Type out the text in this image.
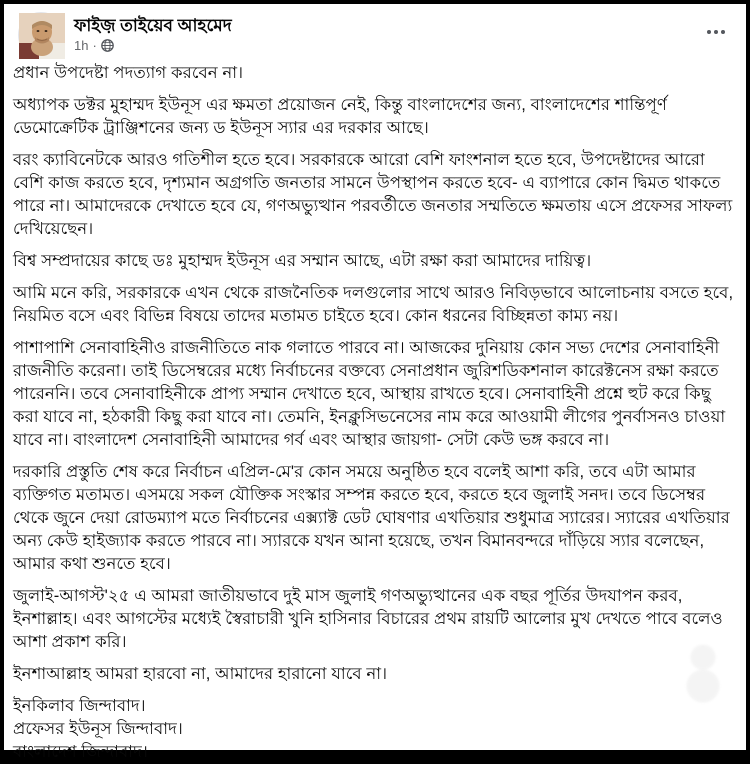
ফাইজ় তাইয়েব আহমেদ
1h ·

প্রধান উপদেষ্টা পদত্যাগ করবেন না।

অধ্যাপক ডক্টর মুহাম্মদ ইউনূস এর ক্ষমতা প্রয়োজন নেই, কিন্তু বাংলাদেশের জন্য, বাংলাদেশের শান্তিপূর্ণ ডেমোক্রেটিক ট্রাঞ্জিশনের জন্য ড ইউনূস স্যার এর দরকার আছে।

বরং ক্যাবিনেটকে আরও গতিশীল হতে হবে। সরকারকে আরো বেশি ফাংশনাল হতে হবে, উপদেষ্টাদের আরো বেশি কাজ করতে হবে, দৃশ্যমান অগ্রগতি জনতার সামনে উপস্থাপন করতে হবে- এ ব্যাপারে কোন দ্বিমত থাকতে পারে না। আমাদেরকে দেখাতে হবে যে, গণঅভ্যুত্থান পরবর্তীতে জনতার সম্মতিতে ক্ষমতায় এসে প্রফেসর সাফল্য দেখিয়েছেন।

বিশ্ব সম্প্রদায়ের কাছে ডঃ মুহাম্মদ ইউনূস এর সম্মান আছে, এটা রক্ষা করা আমাদের দায়িত্ব।

আমি মনে করি, সরকারকে এখন থেকে রাজনৈতিক দলগুলোর সাথে আরও নিবিড়ভাবে আলোচনায় বসতে হবে, নিয়মিত বসে এবং বিভিন্ন বিষয়ে তাদের মতামত চাইতে হবে। কোন ধরনের বিচ্ছিন্নতা কাম্য নয়।

পাশাপাশি সেনাবাহিনীও রাজনীতিতে নাক গলাতে পারবে না। আজকের দুনিয়ায় কোন সভ্য দেশের সেনাবাহিনী রাজনীতি করেনা। তাই ডিসেম্বরের মধ্যে নির্বাচনের বক্তব্যে সেনাপ্রধান জুরিশডিকশনাল কারেক্টনেস রক্ষা করতে পারেননি। তবে সেনাবাহিনীকে প্রাপ্য সম্মান দেখাতে হবে, আস্থায় রাখতে হবে। সেনাবাহিনী প্রশ্নে হুট করে কিছু করা যাবে না, হঠকারী কিছু করা যাবে না। তেমনি, ইনক্লুসিভনেসের নাম করে আওয়ামী লীগের পুনর্বাসনও চাওয়া যাবে না। বাংলাদেশ সেনাবাহিনী আমাদের গর্ব এবং আস্থার জায়গা- সেটা কেউ ভঙ্গ করবে না।

দরকারি প্রস্তুতি শেষ করে নির্বাচন এপ্রিল-মে'র কোন সময়ে অনুষ্ঠিত হবে বলেই আশা করি, তবে এটা আমার ব্যক্তিগত মতামত। এসময়ে সকল যৌক্তিক সংস্কার সম্পন্ন করতে হবে, করতে হবে জুলাই সনদ। তবে ডিসেম্বর থেকে জুনে দেয়া রোডম্যাপ মতে নির্বাচনের এক্স্যাক্ট ডেট ঘোষণার এখতিয়ার শুধুমাত্র স্যারের। স্যারের এখতিয়ার অন্য কেউ হাইজ্যাক করতে পারবে না। স্যারকে যখন আনা হয়েছে, তখন বিমানবন্দরে দাঁড়িয়ে স্যার বলেছেন, আমার কথা শুনতে হবে।

জুলাই-আগস্ট'২৫ এ আমরা জাতীয়ভাবে দুই মাস জুলাই গণঅভ্যুত্থানের এক বছর পূর্তির উদযাপন করব, ইনশাল্লাহ। এবং আগস্টের মধ্যেই স্বৈরাচারী খুনি হাসিনার বিচারের প্রথম রায়টি আলোর মুখ দেখতে পাবে বলেও আশা প্রকাশ করি।

ইনশাআল্লাহ আমরা হারবো না, আমাদের হারানো যাবে না।

ইনকিলাব জিন্দাবাদ।

প্রফেসর ইউনূস জিন্দাবাদ।

বাংলাদেশ জিন্দাবাদ।
